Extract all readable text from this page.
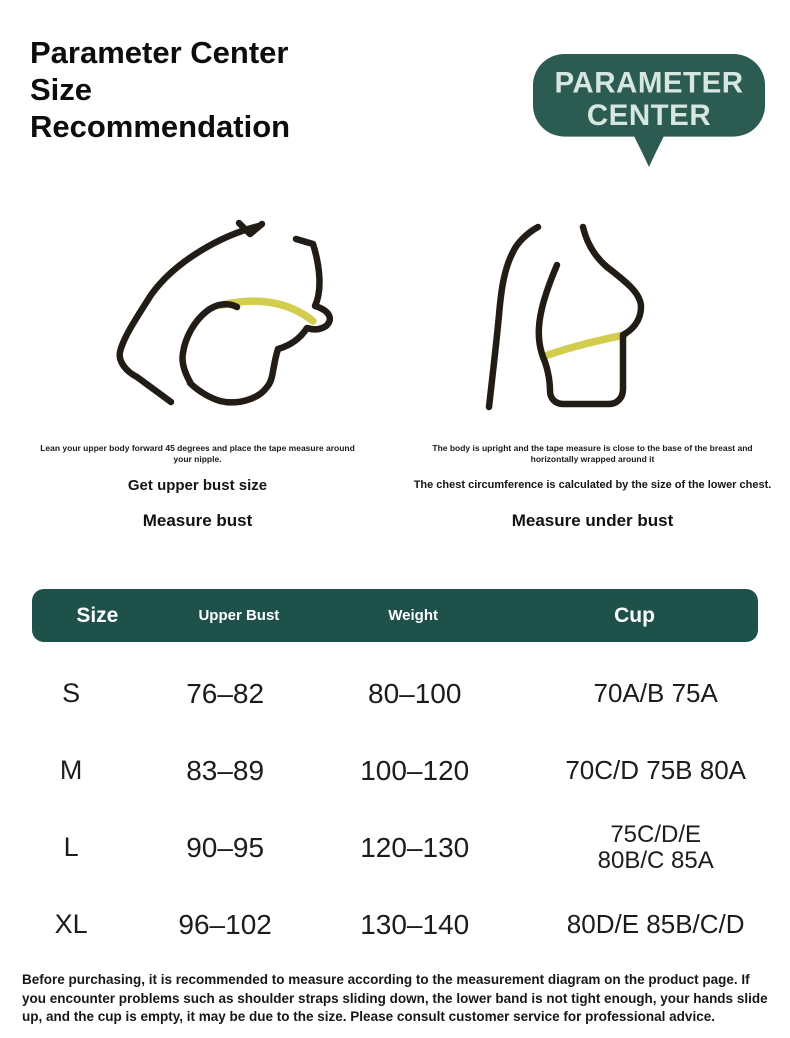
Parameter Center
Size
Recommendation
PARAMETER
CENTER
Lean your upper body forward 45 degrees and place the tape measure around your nipple.
Get upper bust size
Measure bust
The body is upright and the tape measure is close to the base of the breast and horizontally wrapped around it
The chest circumference is calculated by the size of the lower chest.
Measure under bust
Size	Upper Bust	Weight	Cup
S	76–82	80–100	70A/B 75A
M	83–89	100–120	70C/D 75B 80A
L	90–95	120–130	75C/D/E
80B/C 85A
XL	96–102	130–140	80D/E 85B/C/D
Before purchasing, it is recommended to measure according to the measurement diagram on the product page. If you encounter problems such as shoulder straps sliding down, the lower band is not tight enough, your hands slide up, and the cup is empty, it may be due to the size. Please consult customer service for professional advice.
